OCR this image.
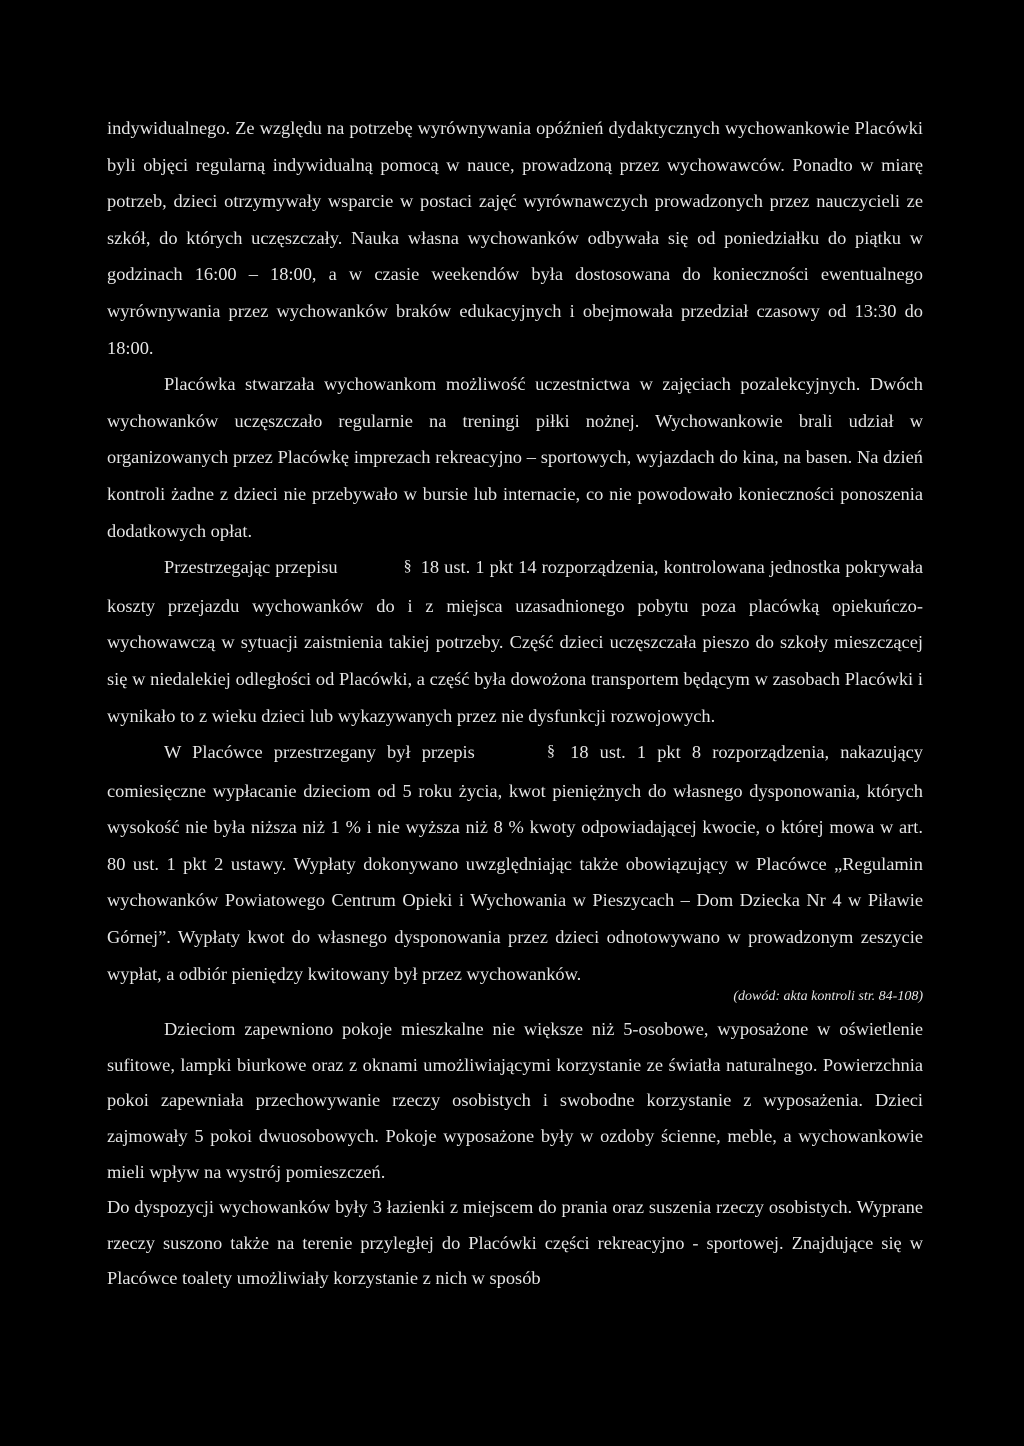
indywidualnego. Ze względu na potrzebę wyrównywania opóźnień dydaktycznych wychowankowie Placówki byli objęci regularną indywidualną pomocą w nauce, prowadzoną przez wychowawców. Ponadto w miarę potrzeb, dzieci otrzymywały wsparcie w postaci zajęć wyrównawczych prowadzonych przez nauczycieli ze szkół, do których uczęszczały. Nauka własna wychowanków odbywała się od poniedziałku do piątku w godzinach 16:00 – 18:00, a w czasie weekendów była dostosowana do konieczności ewentualnego wyrównywania przez wychowanków braków edukacyjnych i obejmowała przedział czasowy od 13:30 do 18:00.

Placówka stwarzała wychowankom możliwość uczestnictwa w zajęciach pozalekcyjnych. Dwóch wychowanków uczęszczało regularnie na treningi piłki nożnej. Wychowankowie brali udział w organizowanych przez Placówkę imprezach rekreacyjno – sportowych, wyjazdach do kina, na basen. Na dzień kontroli żadne z dzieci nie przebywało w bursie lub internacie, co nie powodowało konieczności ponoszenia dodatkowych opłat.

Przestrzegając przepisu	§ 18 ust. 1 pkt 14 rozporządzenia, kontrolowana jednostka pokrywała koszty przejazdu wychowanków do i z miejsca uzasadnionego pobytu poza placówką opiekuńczo-wychowawczą w sytuacji zaistnienia takiej potrzeby. Część dzieci uczęszczała pieszo do szkoły mieszczącej się w niedalekiej odległości od Placówki, a część była dowożona transportem będącym w zasobach Placówki i wynikało to z wieku dzieci lub wykazywanych przez nie dysfunkcji rozwojowych.

W Placówce przestrzegany był przepis	§ 18 ust. 1 pkt 8 rozporządzenia, nakazujący comiesięczne wypłacanie dzieciom od 5 roku życia, kwot pieniężnych do własnego dysponowania, których wysokość nie była niższa niż 1 % i nie wyższa niż 8 % kwoty odpowiadającej kwocie, o której mowa w art. 80 ust. 1 pkt 2 ustawy. Wypłaty dokonywano uwzględniając także obowiązujący w Placówce „Regulamin wychowanków Powiatowego Centrum Opieki i Wychowania w Pieszycach – Dom Dziecka Nr 4 w Piławie Górnej”. Wypłaty kwot do własnego dysponowania przez dzieci odnotowywano w prowadzonym zeszycie wypłat, a odbiór pieniędzy kwitowany był przez wychowanków.

(dowód: akta kontroli str. 84-108)

Dzieciom zapewniono pokoje mieszkalne nie większe niż 5-osobowe, wyposażone w oświetlenie sufitowe, lampki biurkowe oraz z oknami umożliwiającymi korzystanie ze światła naturalnego. Powierzchnia pokoi zapewniała przechowywanie rzeczy osobistych i swobodne korzystanie z wyposażenia. Dzieci zajmowały 5 pokoi dwuosobowych. Pokoje wyposażone były w ozdoby ścienne, meble, a wychowankowie mieli wpływ na wystrój pomieszczeń.

Do dyspozycji wychowanków były 3 łazienki z miejscem do prania oraz suszenia rzeczy osobistych. Wyprane rzeczy suszono także na terenie przyległej do Placówki części rekreacyjno - sportowej. Znajdujące się w Placówce toalety umożliwiały korzystanie z nich w sposób
